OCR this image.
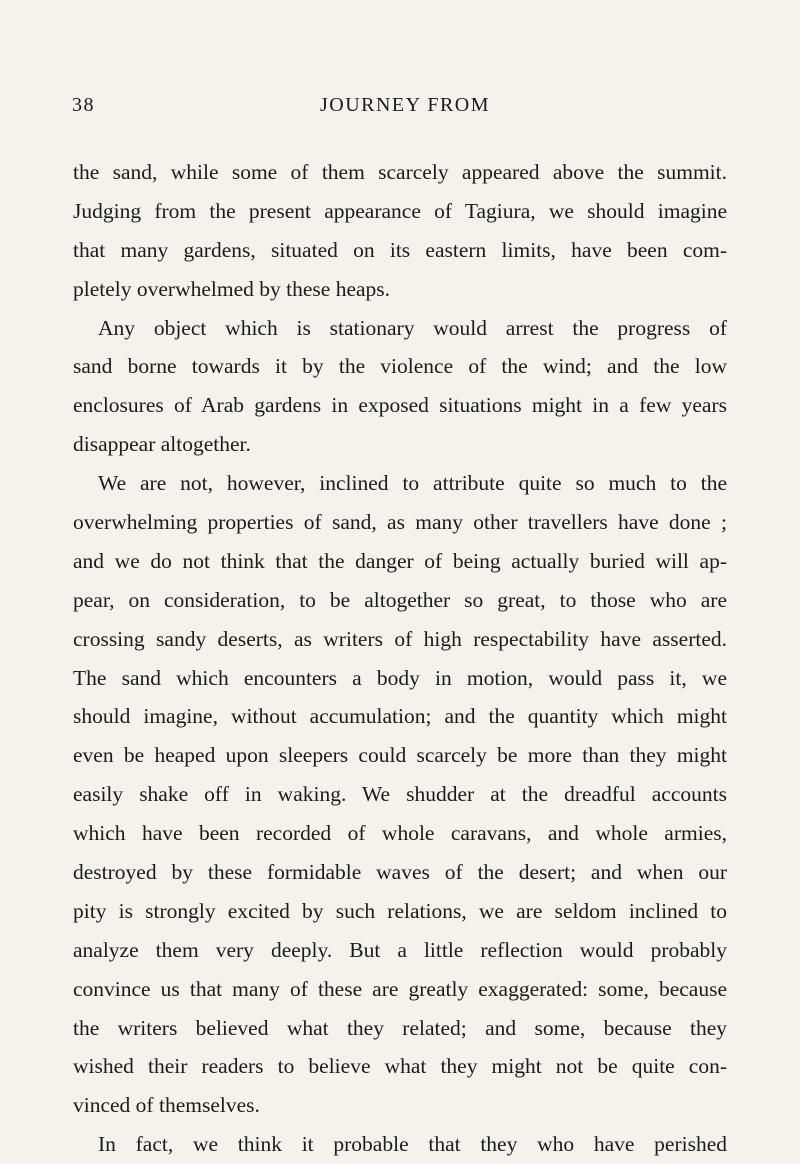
38	JOURNEY FROM
the sand, while some of them scarcely appeared above the summit.
Judging from the present appearance of Tagiura, we should imagine
that many gardens, situated on its eastern limits, have been com-
pletely overwhelmed by these heaps.
Any object which is stationary would arrest the progress of
sand borne towards it by the violence of the wind; and the low
enclosures of Arab gardens in exposed situations might in a few years
disappear altogether.
We are not, however, inclined to attribute quite so much to the
overwhelming properties of sand, as many other travellers have done ;
and we do not think that the danger of being actually buried will ap-
pear, on consideration, to be altogether so great, to those who are
crossing sandy deserts, as writers of high respectability have asserted.
The sand which encounters a body in motion, would pass it, we
should imagine, without accumulation; and the quantity which might
even be heaped upon sleepers could scarcely be more than they might
easily shake off in waking. We shudder at the dreadful accounts
which have been recorded of whole caravans, and whole armies,
destroyed by these formidable waves of the desert; and when our
pity is strongly excited by such relations, we are seldom inclined to
analyze them very deeply. But a little reflection would probably
convince us that many of these are greatly exaggerated: some, because
the writers believed what they related; and some, because they
wished their readers to believe what they might not be quite con-
vinced of themselves.
In fact, we think it probable that they who have perished
